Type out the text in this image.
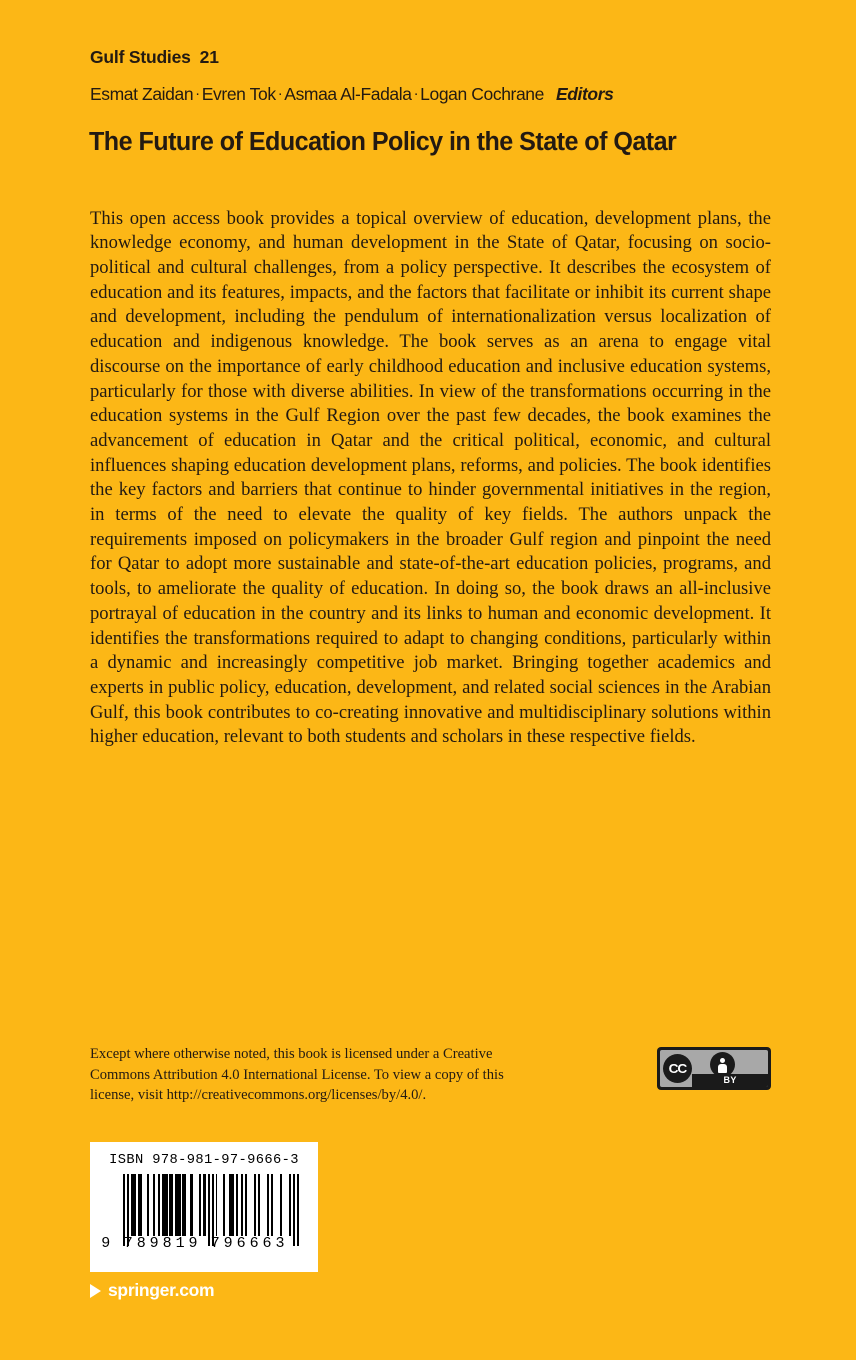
Gulf Studies 21
Esmat Zaidan · Evren Tok · Asmaa Al-Fadala · Logan Cochrane Editors
The Future of Education Policy in the State of Qatar

This open access book provides a topical overview of education, development plans, the knowledge economy, and human development in the State of Qatar, focusing on socio-political and cultural challenges, from a policy perspective. It describes the ecosystem of education and its features, impacts, and the factors that facilitate or inhibit its current shape and development, including the pendulum of internationalization versus localization of education and indigenous knowledge. The book serves as an arena to engage vital discourse on the importance of early childhood education and inclusive education systems, particularly for those with diverse abilities. In view of the transformations occurring in the education systems in the Gulf Region over the past few decades, the book examines the advancement of education in Qatar and the critical political, economic, and cultural influences shaping education development plans, reforms, and policies. The book identifies the key factors and barriers that continue to hinder governmental initiatives in the region, in terms of the need to elevate the quality of key fields. The authors unpack the requirements imposed on policymakers in the broader Gulf region and pinpoint the need for Qatar to adopt more sustainable and state-of-the-art education policies, programs, and tools, to ameliorate the quality of education. In doing so, the book draws an all-inclusive portrayal of education in the country and its links to human and economic development. It identifies the transformations required to adapt to changing conditions, particularly within a dynamic and increasingly competitive job market. Bringing together academics and experts in public policy, education, development, and related social sciences in the Arabian Gulf, this book contributes to co-creating innovative and multidisciplinary solutions within higher education, relevant to both students and scholars in these respective fields.

Except where otherwise noted, this book is licensed under a Creative Commons Attribution 4.0 International License. To view a copy of this license, visit http://creativecommons.org/licenses/by/4.0/.
CC
BY
ISBN 978-981-97-9666-3
9 7 8 9 8 1 9 7 9 6 6 6 3
springer.com
